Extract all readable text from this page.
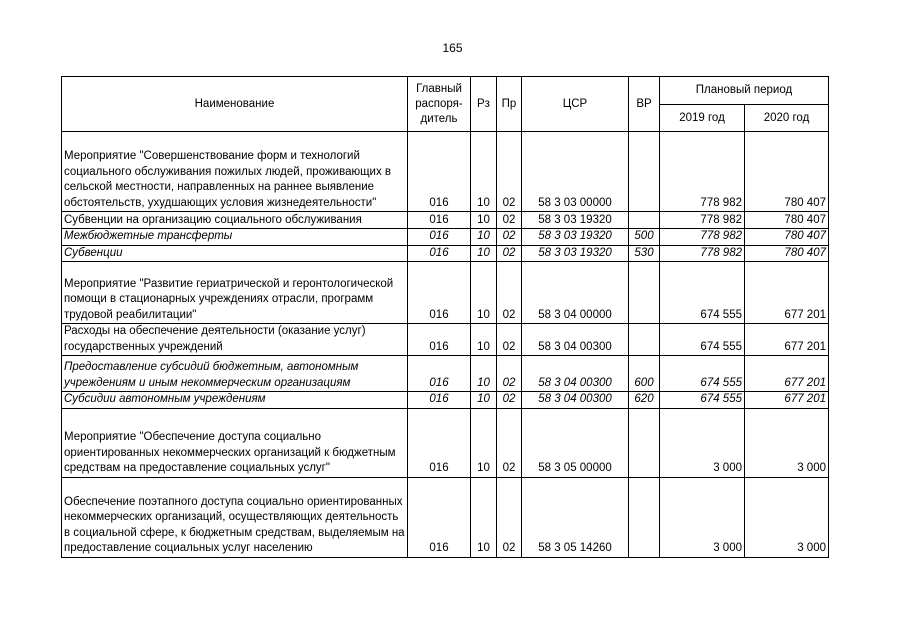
165
Наименование	Главный распоря-дитель	Рз	Пр	ЦСР	ВР	Плановый период	
						2019 год	2020 год
Мероприятие "Совершенствование форм и технологий социального обслуживания пожилых людей, проживающих в сельской местности, направленных на раннее выявление обстоятельств, ухудшающих условия жизнедеятельности"	016	10	02	58 3 03 00000		778 982	780 407
Субвенции на организацию социального обслуживания	016	10	02	58 3 03 19320		778 982	780 407
Межбюджетные трансферты	016	10	02	58 3 03 19320	500	778 982	780 407
Субвенции	016	10	02	58 3 03 19320	530	778 982	780 407
Мероприятие "Развитие гериатрической и геронтологической помощи в стационарных учреждениях отрасли, программ трудовой реабилитации"	016	10	02	58 3 04 00000		674 555	677 201
Расходы на обеспечение деятельности (оказание услуг) государственных учреждений	016	10	02	58 3 04 00300		674 555	677 201
Предоставление субсидий бюджетным, автономным учреждениям и иным некоммерческим организациям	016	10	02	58 3 04 00300	600	674 555	677 201
Субсидии автономным учреждениям	016	10	02	58 3 04 00300	620	674 555	677 201
Мероприятие "Обеспечение доступа социально ориентированных некоммерческих организаций к бюджетным средствам на предоставление социальных услуг"	016	10	02	58 3 05 00000		3 000	3 000
Обеспечение поэтапного доступа социально ориентированных некоммерческих организаций, осуществляющих деятельность в социальной сфере, к бюджетным средствам, выделяемым на предоставление социальных услуг населению	016	10	02	58 3 05 14260		3 000	3 000
